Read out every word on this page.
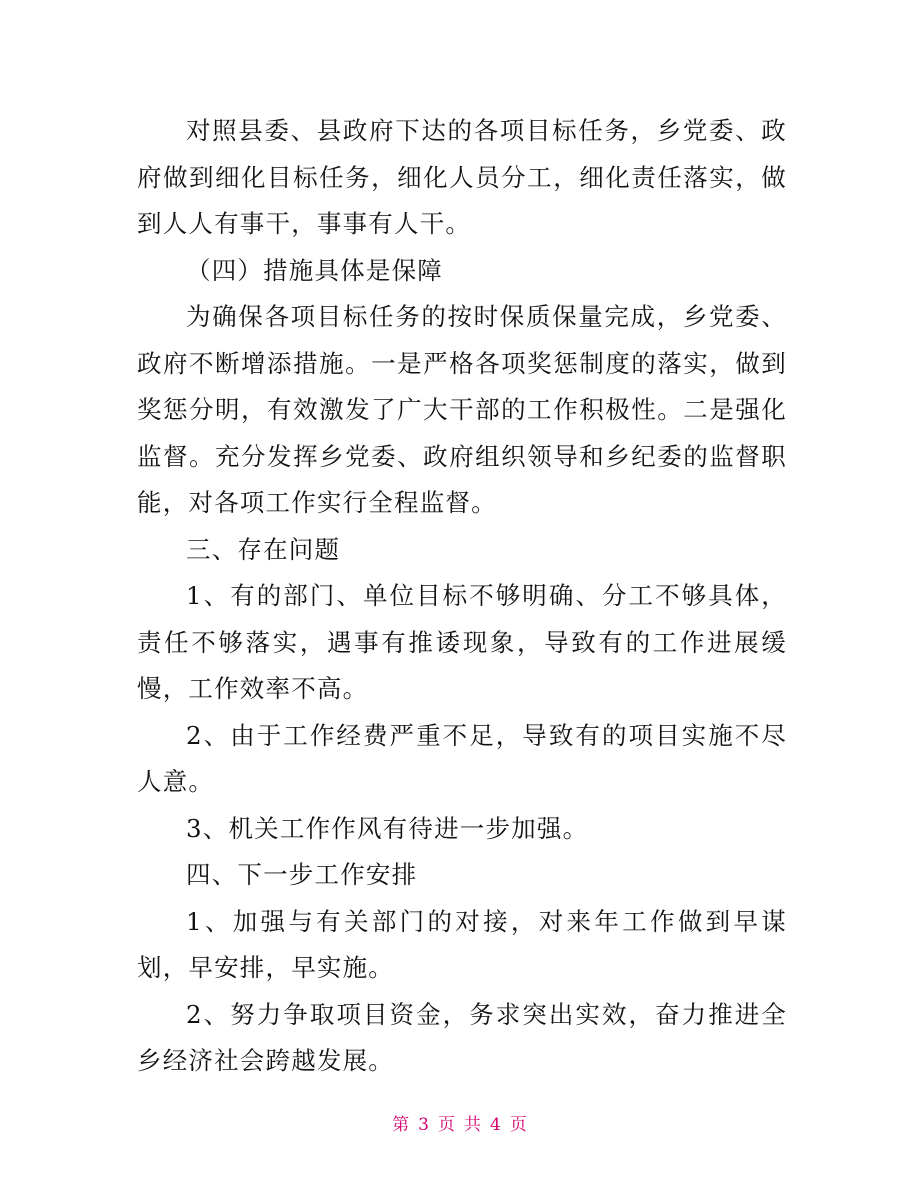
对照县委、县政府下达的各项目标任务，乡党委、政府做到细化目标任务，细化人员分工，细化责任落实，做到人人有事干，事事有人干。

（四）措施具体是保障

为确保各项目标任务的按时保质保量完成，乡党委、政府不断增添措施。一是严格各项奖惩制度的落实，做到奖惩分明，有效激发了广大干部的工作积极性。二是强化监督。充分发挥乡党委、政府组织领导和乡纪委的监督职能，对各项工作实行全程监督。

三、存在问题

1、有的部门、单位目标不够明确、分工不够具体，责任不够落实，遇事有推诿现象，导致有的工作进展缓慢，工作效率不高。

2、由于工作经费严重不足，导致有的项目实施不尽人意。

3、机关工作作风有待进一步加强。

四、下一步工作安排

1、加强与有关部门的对接，对来年工作做到早谋划，早安排，早实施。

2、努力争取项目资金，务求突出实效，奋力推进全乡经济社会跨越发展。

第 3 页 共 4 页
